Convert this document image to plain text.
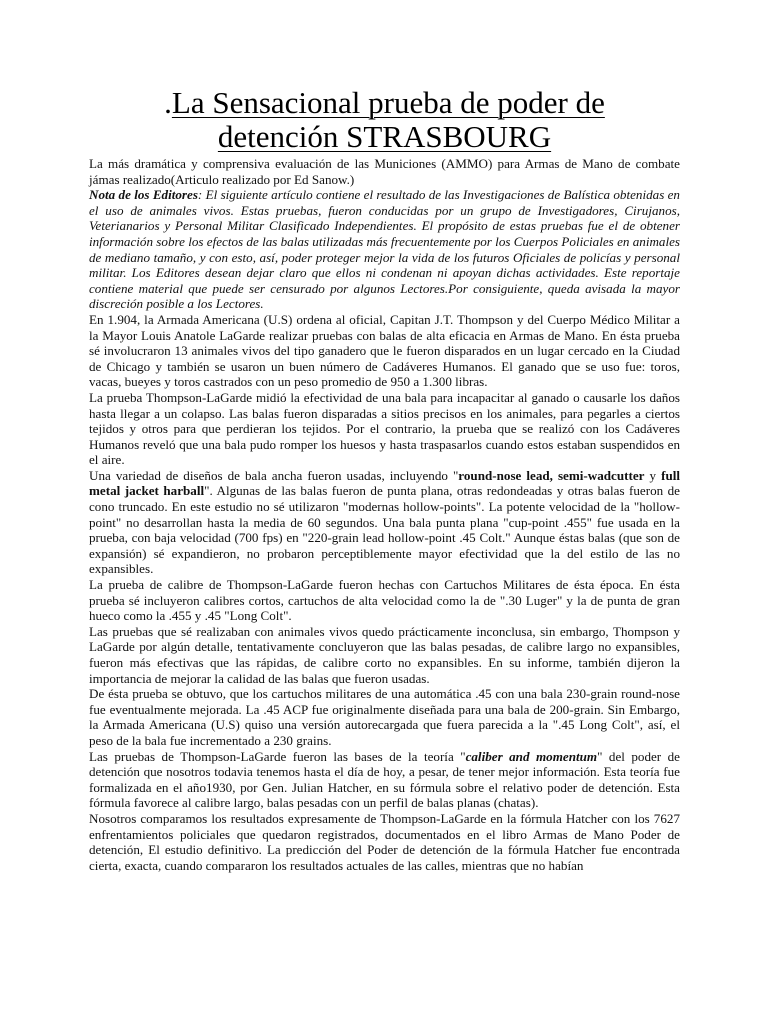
.La Sensacional prueba de poder de
detención STRASBOURG

La más dramática y comprensiva evaluación de las Municiones (AMMO) para Armas de Mano de combate jámas realizado(Articulo realizado por Ed Sanow.)

Nota de los Editores: El siguiente artículo contiene el resultado de las Investigaciones de Balística obtenidas en el uso de animales vivos. Estas pruebas, fueron conducidas por un grupo de Investigadores, Cirujanos, Veterianarios y Personal Militar Clasificado Independientes. El propósito de estas pruebas fue el de obtener información sobre los efectos de las balas utilizadas más frecuentemente por los Cuerpos Policiales en animales de mediano tamaño, y con esto, así, poder proteger mejor la vida de los futuros Oficiales de policías y personal militar. Los Editores desean dejar claro que ellos ni condenan ni apoyan dichas actividades. Este reportaje contiene material que puede ser censurado por algunos Lectores.Por consiguiente, queda avisada la mayor discreción posible a los Lectores.

En 1.904, la Armada Americana (U.S) ordena al oficial, Capitan J.T. Thompson y del Cuerpo Médico Militar a la Mayor Louis Anatole LaGarde realizar pruebas con balas de alta eficacia en Armas de Mano. En ésta prueba sé involucraron 13 animales vivos del tipo ganadero que le fueron disparados en un lugar cercado en la Ciudad de Chicago y también se usaron un buen número de Cadáveres Humanos. El ganado que se uso fue: toros, vacas, bueyes y toros castrados con un peso promedio de 950 a 1.300 libras.

La prueba Thompson-LaGarde midió la efectividad de una bala para incapacitar al ganado o causarle los daños hasta llegar a un colapso. Las balas fueron disparadas a sitios precisos en los animales, para pegarles a ciertos tejidos y otros para que perdieran los tejidos. Por el contrario, la prueba que se realizó con los Cadáveres Humanos reveló que una bala pudo romper los huesos y hasta traspasarlos cuando estos estaban suspendidos en el aire.

Una variedad de diseños de bala ancha fueron usadas, incluyendo "round-nose lead, semi-wadcutter y full metal jacket harball". Algunas de las balas fueron de punta plana, otras redondeadas y otras balas fueron de cono truncado. En este estudio no sé utilizaron "modernas hollow-points". La potente velocidad de la "hollow-point" no desarrollan hasta la media de 60 segundos. Una bala punta plana "cup-point .455" fue usada en la prueba, con baja velocidad (700 fps) en "220-grain lead hollow-point .45 Colt." Aunque éstas balas (que son de expansión) sé expandieron, no probaron perceptiblemente mayor efectividad que la del estilo de las no expansibles.

La prueba de calibre de Thompson-LaGarde fueron hechas con Cartuchos Militares de ésta época. En ésta prueba sé incluyeron calibres cortos, cartuchos de alta velocidad como la de ".30 Luger" y la de punta de gran hueco como la .455 y .45 "Long Colt".

Las pruebas que sé realizaban con animales vivos quedo prácticamente inconclusa, sin embargo, Thompson y LaGarde por algún detalle, tentativamente concluyeron que las balas pesadas, de calibre largo no expansibles, fueron más efectivas que las rápidas, de calibre corto no expansibles. En su informe, también dijeron la importancia de mejorar la calidad de las balas que fueron usadas.

De ésta prueba se obtuvo, que los cartuchos militares de una automática .45 con una bala 230-grain round-nose fue eventualmente mejorada. La .45 ACP fue originalmente diseñada para una bala de 200-grain. Sin Embargo, la Armada Americana (U.S) quiso una versión autorecargada que fuera parecida a la ".45 Long Colt", así, el peso de la bala fue incrementado a 230 grains.

Las pruebas de Thompson-LaGarde fueron las bases de la teoría "caliber and momentum" del poder de detención que nosotros todavia tenemos hasta el día de hoy, a pesar, de tener mejor información. Esta teoría fue formalizada en el año1930, por Gen. Julian Hatcher, en su fórmula sobre el relativo poder de detención. Esta fórmula favorece al calibre largo, balas pesadas con un perfil de balas planas (chatas).

Nosotros comparamos los resultados expresamente de Thompson-LaGarde en la fórmula Hatcher con los 7627 enfrentamientos policiales que quedaron registrados, documentados en el libro Armas de Mano Poder de detención, El estudio definitivo. La predicción del Poder de detención de la fórmula Hatcher fue encontrada cierta, exacta, cuando compararon los resultados actuales de las calles, mientras que no habían
